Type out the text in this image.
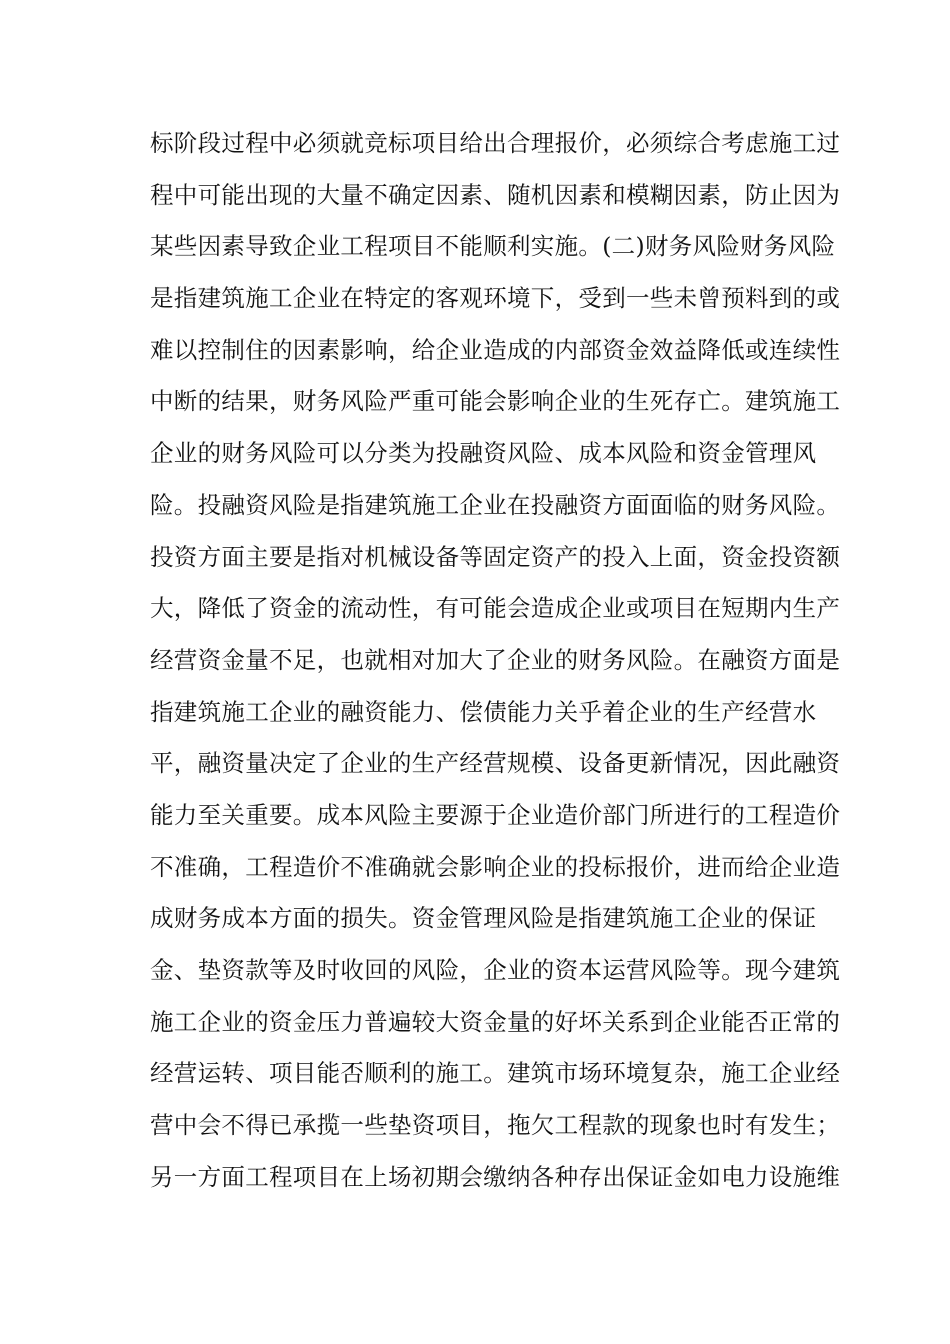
标阶段过程中必须就竞标项目给出合理报价，必须综合考虑施工过
程中可能出现的大量不确定因素、随机因素和模糊因素，防止因为
某些因素导致企业工程项目不能顺利实施。(二)财务风险财务风险
是指建筑施工企业在特定的客观环境下，受到一些未曾预料到的或
难以控制住的因素影响，给企业造成的内部资金效益降低或连续性
中断的结果，财务风险严重可能会影响企业的生死存亡。建筑施工
企业的财务风险可以分类为投融资风险、成本风险和资金管理风
险。投融资风险是指建筑施工企业在投融资方面面临的财务风险。
投资方面主要是指对机械设备等固定资产的投入上面，资金投资额
大，降低了资金的流动性，有可能会造成企业或项目在短期内生产
经营资金量不足，也就相对加大了企业的财务风险。在融资方面是
指建筑施工企业的融资能力、偿债能力关乎着企业的生产经营水
平，融资量决定了企业的生产经营规模、设备更新情况，因此融资
能力至关重要。成本风险主要源于企业造价部门所进行的工程造价
不准确，工程造价不准确就会影响企业的投标报价，进而给企业造
成财务成本方面的损失。资金管理风险是指建筑施工企业的保证
金、垫资款等及时收回的风险，企业的资本运营风险等。现今建筑
施工企业的资金压力普遍较大资金量的好坏关系到企业能否正常的
经营运转、项目能否顺利的施工。建筑市场环境复杂，施工企业经
营中会不得已承揽一些垫资项目，拖欠工程款的现象也时有发生；
另一方面工程项目在上场初期会缴纳各种存出保证金如电力设施维
